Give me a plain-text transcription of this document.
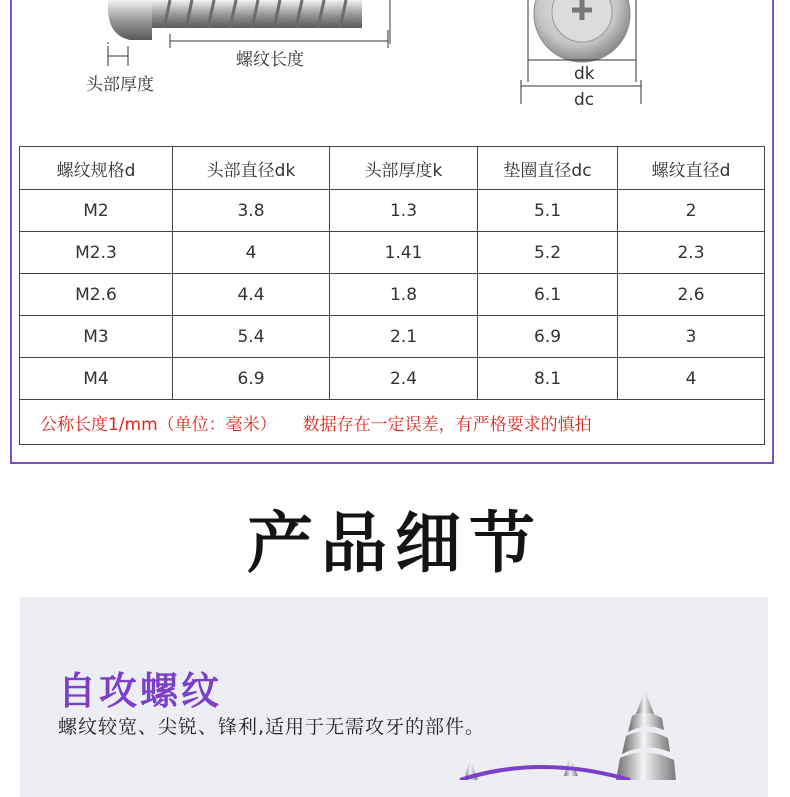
头部厚度
螺纹长度
dk
dc
螺纹规格d	头部直径dk	头部厚度k	垫圈直径dc	螺纹直径d
M2	3.8	1.3	5.1	2
M2.3	4	1.41	5.2	2.3
M2.6	4.4	1.8	6.1	2.6
M3	5.4	2.1	6.9	3
M4	6.9	2.4	8.1	4
公称长度1/mm（单位：毫米） 数据存在一定误差，有严格要求的慎拍				
产品细节
自攻螺纹
螺纹较宽、尖锐、锋利,适用于无需攻牙的部件。
